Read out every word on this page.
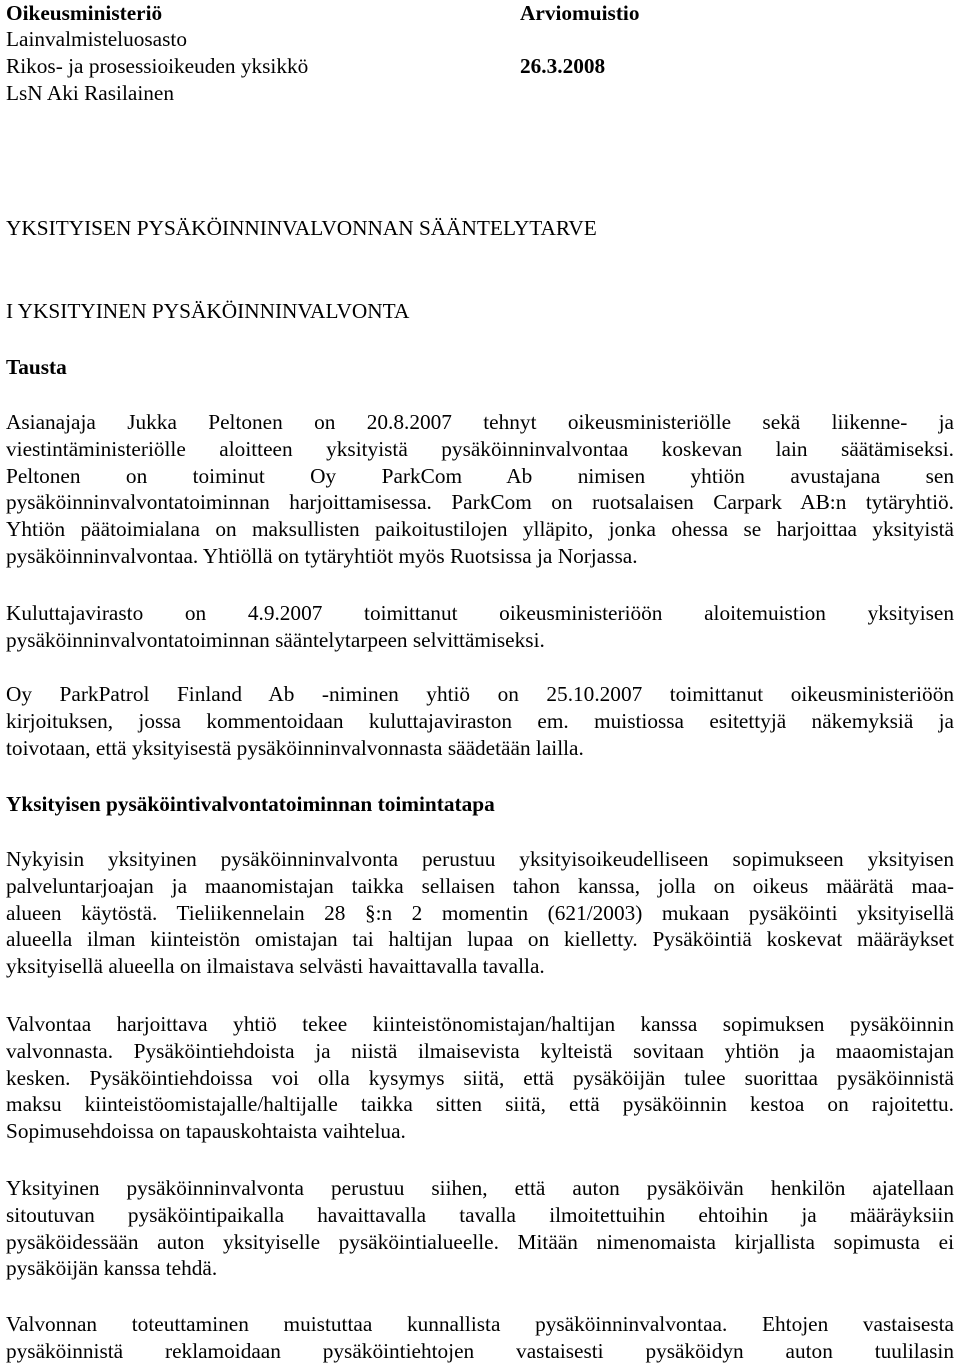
Oikeusministeriö
Lainvalmisteluosasto
Rikos- ja prosessioikeuden yksikkö
LsN Aki Rasilainen
Arviomuistio
26.3.2008
YKSITYISEN PYSÄKÖINNINVALVONNAN SÄÄNTELYTARVE
I YKSITYINEN PYSÄKÖINNINVALVONTA
Tausta
Asianajaja Jukka Peltonen on 20.8.2007 tehnyt oikeusministeriölle sekä liikenne- ja
viestintäministeriölle aloitteen yksityistä pysäköinninvalvontaa koskevan lain säätämiseksi.
Peltonen on toiminut Oy ParkCom Ab nimisen yhtiön avustajana sen
pysäköinninvalvontatoiminnan harjoittamisessa. ParkCom on ruotsalaisen Carpark AB:n tytäryhtiö.
Yhtiön päätoimialana on maksullisten paikoitustilojen ylläpito, jonka ohessa se harjoittaa yksityistä
pysäköinninvalvontaa. Yhtiöllä on tytäryhtiöt myös Ruotsissa ja Norjassa.
Kuluttajavirasto on 4.9.2007 toimittanut oikeusministeriöön aloitemuistion yksityisen
pysäköinninvalvontatoiminnan sääntelytarpeen selvittämiseksi.
Oy ParkPatrol Finland Ab -niminen yhtiö on 25.10.2007 toimittanut oikeusministeriöön
kirjoituksen, jossa kommentoidaan kuluttajaviraston em. muistiossa esitettyjä näkemyksiä ja
toivotaan, että yksityisestä pysäköinninvalvonnasta säädetään lailla.
Yksityisen pysäköintivalvontatoiminnan toimintatapa
Nykyisin yksityinen pysäköinninvalvonta perustuu yksityisoikeudelliseen sopimukseen yksityisen
palveluntarjoajan ja maanomistajan taikka sellaisen tahon kanssa, jolla on oikeus määrätä maa-
alueen käytöstä. Tieliikennelain 28 §:n 2 momentin (621/2003) mukaan pysäköinti yksityisellä
alueella ilman kiinteistön omistajan tai haltijan lupaa on kielletty. Pysäköintiä koskevat määräykset
yksityisellä alueella on ilmaistava selvästi havaittavalla tavalla.
Valvontaa harjoittava yhtiö tekee kiinteistönomistajan/haltijan kanssa sopimuksen pysäköinnin
valvonnasta. Pysäköintiehdoista ja niistä ilmaisevista kylteistä sovitaan yhtiön ja maaomistajan
kesken. Pysäköintiehdoissa voi olla kysymys siitä, että pysäköijän tulee suorittaa pysäköinnistä
maksu kiinteistöomistajalle/haltijalle taikka sitten siitä, että pysäköinnin kestoa on rajoitettu.
Sopimusehdoissa on tapauskohtaista vaihtelua.
Yksityinen pysäköinninvalvonta perustuu siihen, että auton pysäköivän henkilön ajatellaan
sitoutuvan pysäköintipaikalla havaittavalla tavalla ilmoitettuihin ehtoihin ja määräyksiin
pysäköidessään auton yksityiselle pysäköintialueelle. Mitään nimenomaista kirjallista sopimusta ei
pysäköijän kanssa tehdä.
Valvonnan toteuttaminen muistuttaa kunnallista pysäköinninvalvontaa. Ehtojen vastaisesta
pysäköinnistä reklamoidaan pysäköintiehtojen vastaisesti pysäköidyn auton tuulilasin
